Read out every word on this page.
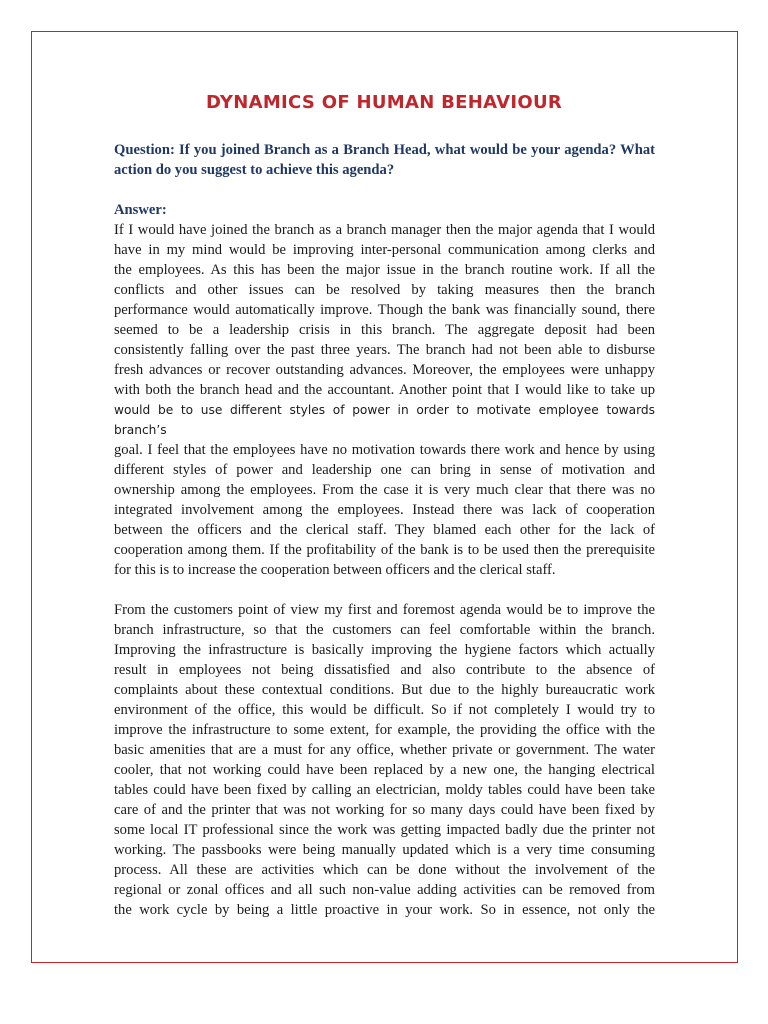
DYNAMICS OF HUMAN BEHAVIOUR

Question: If you joined Branch as a Branch Head, what would be your agenda? What action do you suggest to achieve this agenda?

Answer:

If I would have joined the branch as a branch manager then the major agenda that I would
have in my mind would be improving inter-personal communication among clerks and
the employees. As this has been the major issue in the branch routine work. If all the
conflicts and other issues can be resolved by taking measures then the branch
performance would automatically improve. Though the bank was financially sound, there
seemed to be a leadership crisis in this branch. The aggregate deposit had been
consistently falling over the past three years. The branch had not been able to disburse
fresh advances or recover outstanding advances. Moreover, the employees were unhappy
with both the branch head and the accountant. Another point that I would like to take up
would be to use different styles of power in order to motivate employee towards branch’s
goal. I feel that the employees have no motivation towards there work and hence by using
different styles of power and leadership one can bring in sense of motivation and
ownership among the employees. From the case it is very much clear that there was no
integrated involvement among the employees. Instead there was lack of cooperation
between the officers and the clerical staff. They blamed each other for the lack of
cooperation among them. If the profitability of the bank is to be used then the prerequisite
for this is to increase the cooperation between officers and the clerical staff.

From the customers point of view my first and foremost agenda would be to improve the
branch infrastructure, so that the customers can feel comfortable within the branch.
Improving the infrastructure is basically improving the hygiene factors which actually
result in employees not being dissatisfied and also contribute to the absence of
complaints about these contextual conditions. But due to the highly bureaucratic work
environment of the office, this would be difficult. So if not completely I would try to
improve the infrastructure to some extent, for example, the providing the office with the
basic amenities that are a must for any office, whether private or government. The water
cooler, that not working could have been replaced by a new one, the hanging electrical
tables could have been fixed by calling an electrician, moldy tables could have been take
care of and the printer that was not working for so many days could have been fixed by
some local IT professional since the work was getting impacted badly due the printer not
working. The passbooks were being manually updated which is a very time consuming
process. All these are activities which can be done without the involvement of the
regional or zonal offices and all such non-value adding activities can be removed from
the work cycle by being a little proactive in your work. So in essence, not only the
